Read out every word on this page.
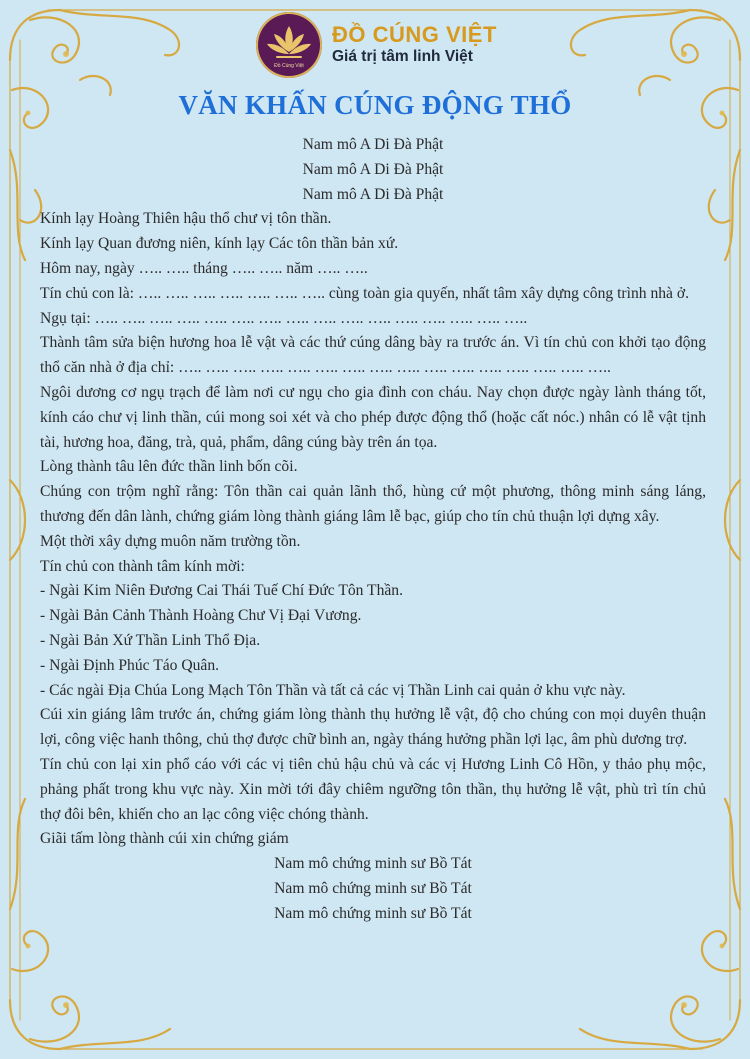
Đồ Cúng Việt
ĐỒ CÚNG VIỆT
Giá trị tâm linh Việt
VĂN KHẤN CÚNG ĐỘNG THỔ

Nam mô A Di Đà Phật

Nam mô A Di Đà Phật

Nam mô A Di Đà Phật

Kính lạy Hoàng Thiên hậu thổ chư vị tôn thần.

Kính lạy Quan đương niên, kính lạy Các tôn thần bản xứ.

Hôm nay, ngày ….. ….. tháng ….. ….. năm ….. …..

Tín chủ con là: ….. ….. ….. ….. ….. ….. ….. cùng toàn gia quyến, nhất tâm xây dựng công trình nhà ở.

Ngụ tại: ….. ….. ….. ….. ….. ….. ….. ….. ….. ….. ….. ….. ….. ….. ….. …..

Thành tâm sửa biện hương hoa lễ vật và các thứ cúng dâng bày ra trước án. Vì tín chủ con khởi tạo động thổ căn nhà ở địa chỉ: ….. ….. ….. ….. ….. ….. ….. ….. ….. ….. ….. ….. ….. ….. ….. …..

Ngôi dương cơ ngụ trạch để làm nơi cư ngụ cho gia đình con cháu. Nay chọn được ngày lành tháng tốt, kính cáo chư vị linh thần, cúi mong soi xét và cho phép được động thổ (hoặc cất nóc.) nhân có lễ vật tịnh tài, hương hoa, đăng, trà, quả, phẩm, dâng cúng bày trên án tọa.

Lòng thành tâu lên đức thần linh bốn cõi.

Chúng con trộm nghĩ rằng: Tôn thần cai quản lãnh thổ, hùng cứ một phương, thông minh sáng láng, thương đến dân lành, chứng giám lòng thành giáng lâm lễ bạc, giúp cho tín chủ thuận lợi dựng xây.

Một thời xây dựng muôn năm trường tồn.

Tín chủ con thành tâm kính mời:

- Ngài Kim Niên Đương Cai Thái Tuế Chí Đức Tôn Thần.

- Ngài Bản Cảnh Thành Hoàng Chư Vị Đại Vương.

- Ngài Bản Xứ Thần Linh Thổ Địa.

- Ngài Định Phúc Táo Quân.

- Các ngài Địa Chúa Long Mạch Tôn Thần và tất cả các vị Thần Linh cai quản ở khu vực này.

Cúi xin giáng lâm trước án, chứng giám lòng thành thụ hưởng lễ vật, độ cho chúng con mọi duyên thuận lợi, công việc hanh thông, chủ thợ được chữ bình an, ngày tháng hưởng phần lợi lạc, âm phù dương trợ.

Tín chủ con lại xin phổ cáo với các vị tiên chủ hậu chủ và các vị Hương Linh Cô Hồn, y thảo phụ mộc, phảng phất trong khu vực này. Xin mời tới đây chiêm ngưỡng tôn thần, thụ hưởng lễ vật, phù trì tín chủ thợ đôi bên, khiến cho an lạc công việc chóng thành.

Giãi tấm lòng thành cúi xin chứng giám

Nam mô chứng minh sư Bồ Tát

Nam mô chứng minh sư Bồ Tát

Nam mô chứng minh sư Bồ Tát
